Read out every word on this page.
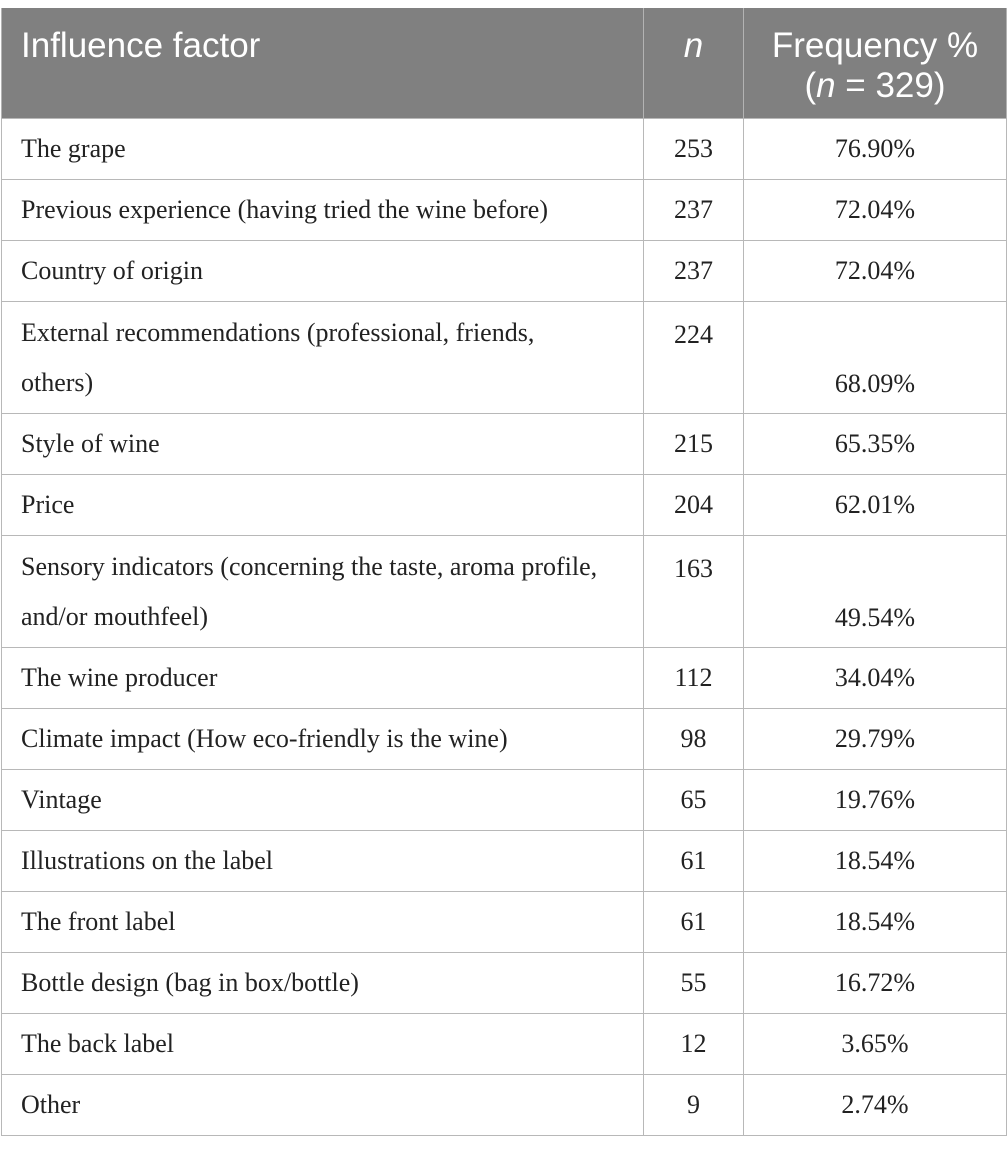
Influence factor	n	Frequency %
(n = 329)
The grape	253	76.90%
Previous experience (having tried the wine before)	237	72.04%
Country of origin	237	72.04%
External recommendations (professional, friends, others)	224	68.09%
Style of wine	215	65.35%
Price	204	62.01%
Sensory indicators (concerning the taste, aroma profile, and/or mouthfeel)	163	49.54%
The wine producer	112	34.04%
Climate impact (How eco-friendly is the wine)	98	29.79%
Vintage	65	19.76%
Illustrations on the label	61	18.54%
The front label	61	18.54%
Bottle design (bag in box/bottle)	55	16.72%
The back label	12	3.65%
Other	9	2.74%
